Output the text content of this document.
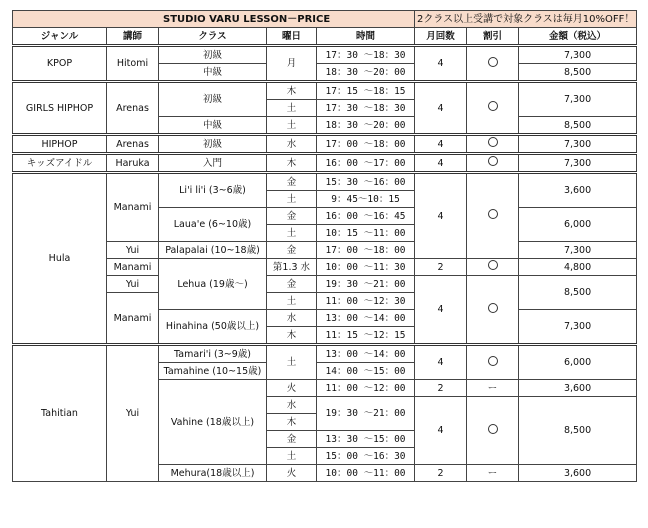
STUDIO VARU LESSON－PRICE					2クラス以上受講で対象クラスは毎月10%OFF！		
ジャンル	講師	クラス	曜日	時間	月回数	割引	金額（税込）
KPOP	Hitomi	初級	月	17：30 ～18：30	4		7,300
		中級		18：30 ～20：00			8,500
GIRLS HIPHOP	Arenas	初級	木	17：15 ～18：15	4		7,300
			土	17：30 ～18：30			
		中級	土	18：30 ～20：00			8,500
HIPHOP	Arenas	初級	水	17：00 ～18：00	4		7,300
キッズアイドル	Haruka	入門	木	16：00 ～17：00	4		7,300
Hula	Manami	Li'i li'i (3~6歳)	金	15：30 ～16：00	4		3,600
			土	9：45～10：15			
		Laua'e (6~10歳)	金	16：00 ～16：45			6,000
			土	10：15 ～11：00			
	Yui	Palapalai (10~18歳)	金	17：00 ～18：00			7,300
	Manami	Lehua (19歳～)	第1.3 水	10：00 ～11：30	2		4,800
	Yui		金	19：30 ～21：00	4		8,500
	Manami		土	11：00 ～12：30			
		Hinahina (50歳以上)	水	13：00 ～14：00			7,300
			木	11：15 ～12：15			
Tahitian	Yui	Tamari'i (3~9歳)	土	13：00 ～14：00	4		6,000
		Tamahine (10~15歳)		14：00 ～15：00			
		Vahine (18歳以上)	火	11：00 ～12：00	2	ー	3,600
			水	19：30 ～21：00	4		8,500
			木				
			金	13：30 ～15：00			
			土	15：00 ～16：30			
		Mehura(18歳以上)	火	10：00 ～11：00	2	ー	3,600
